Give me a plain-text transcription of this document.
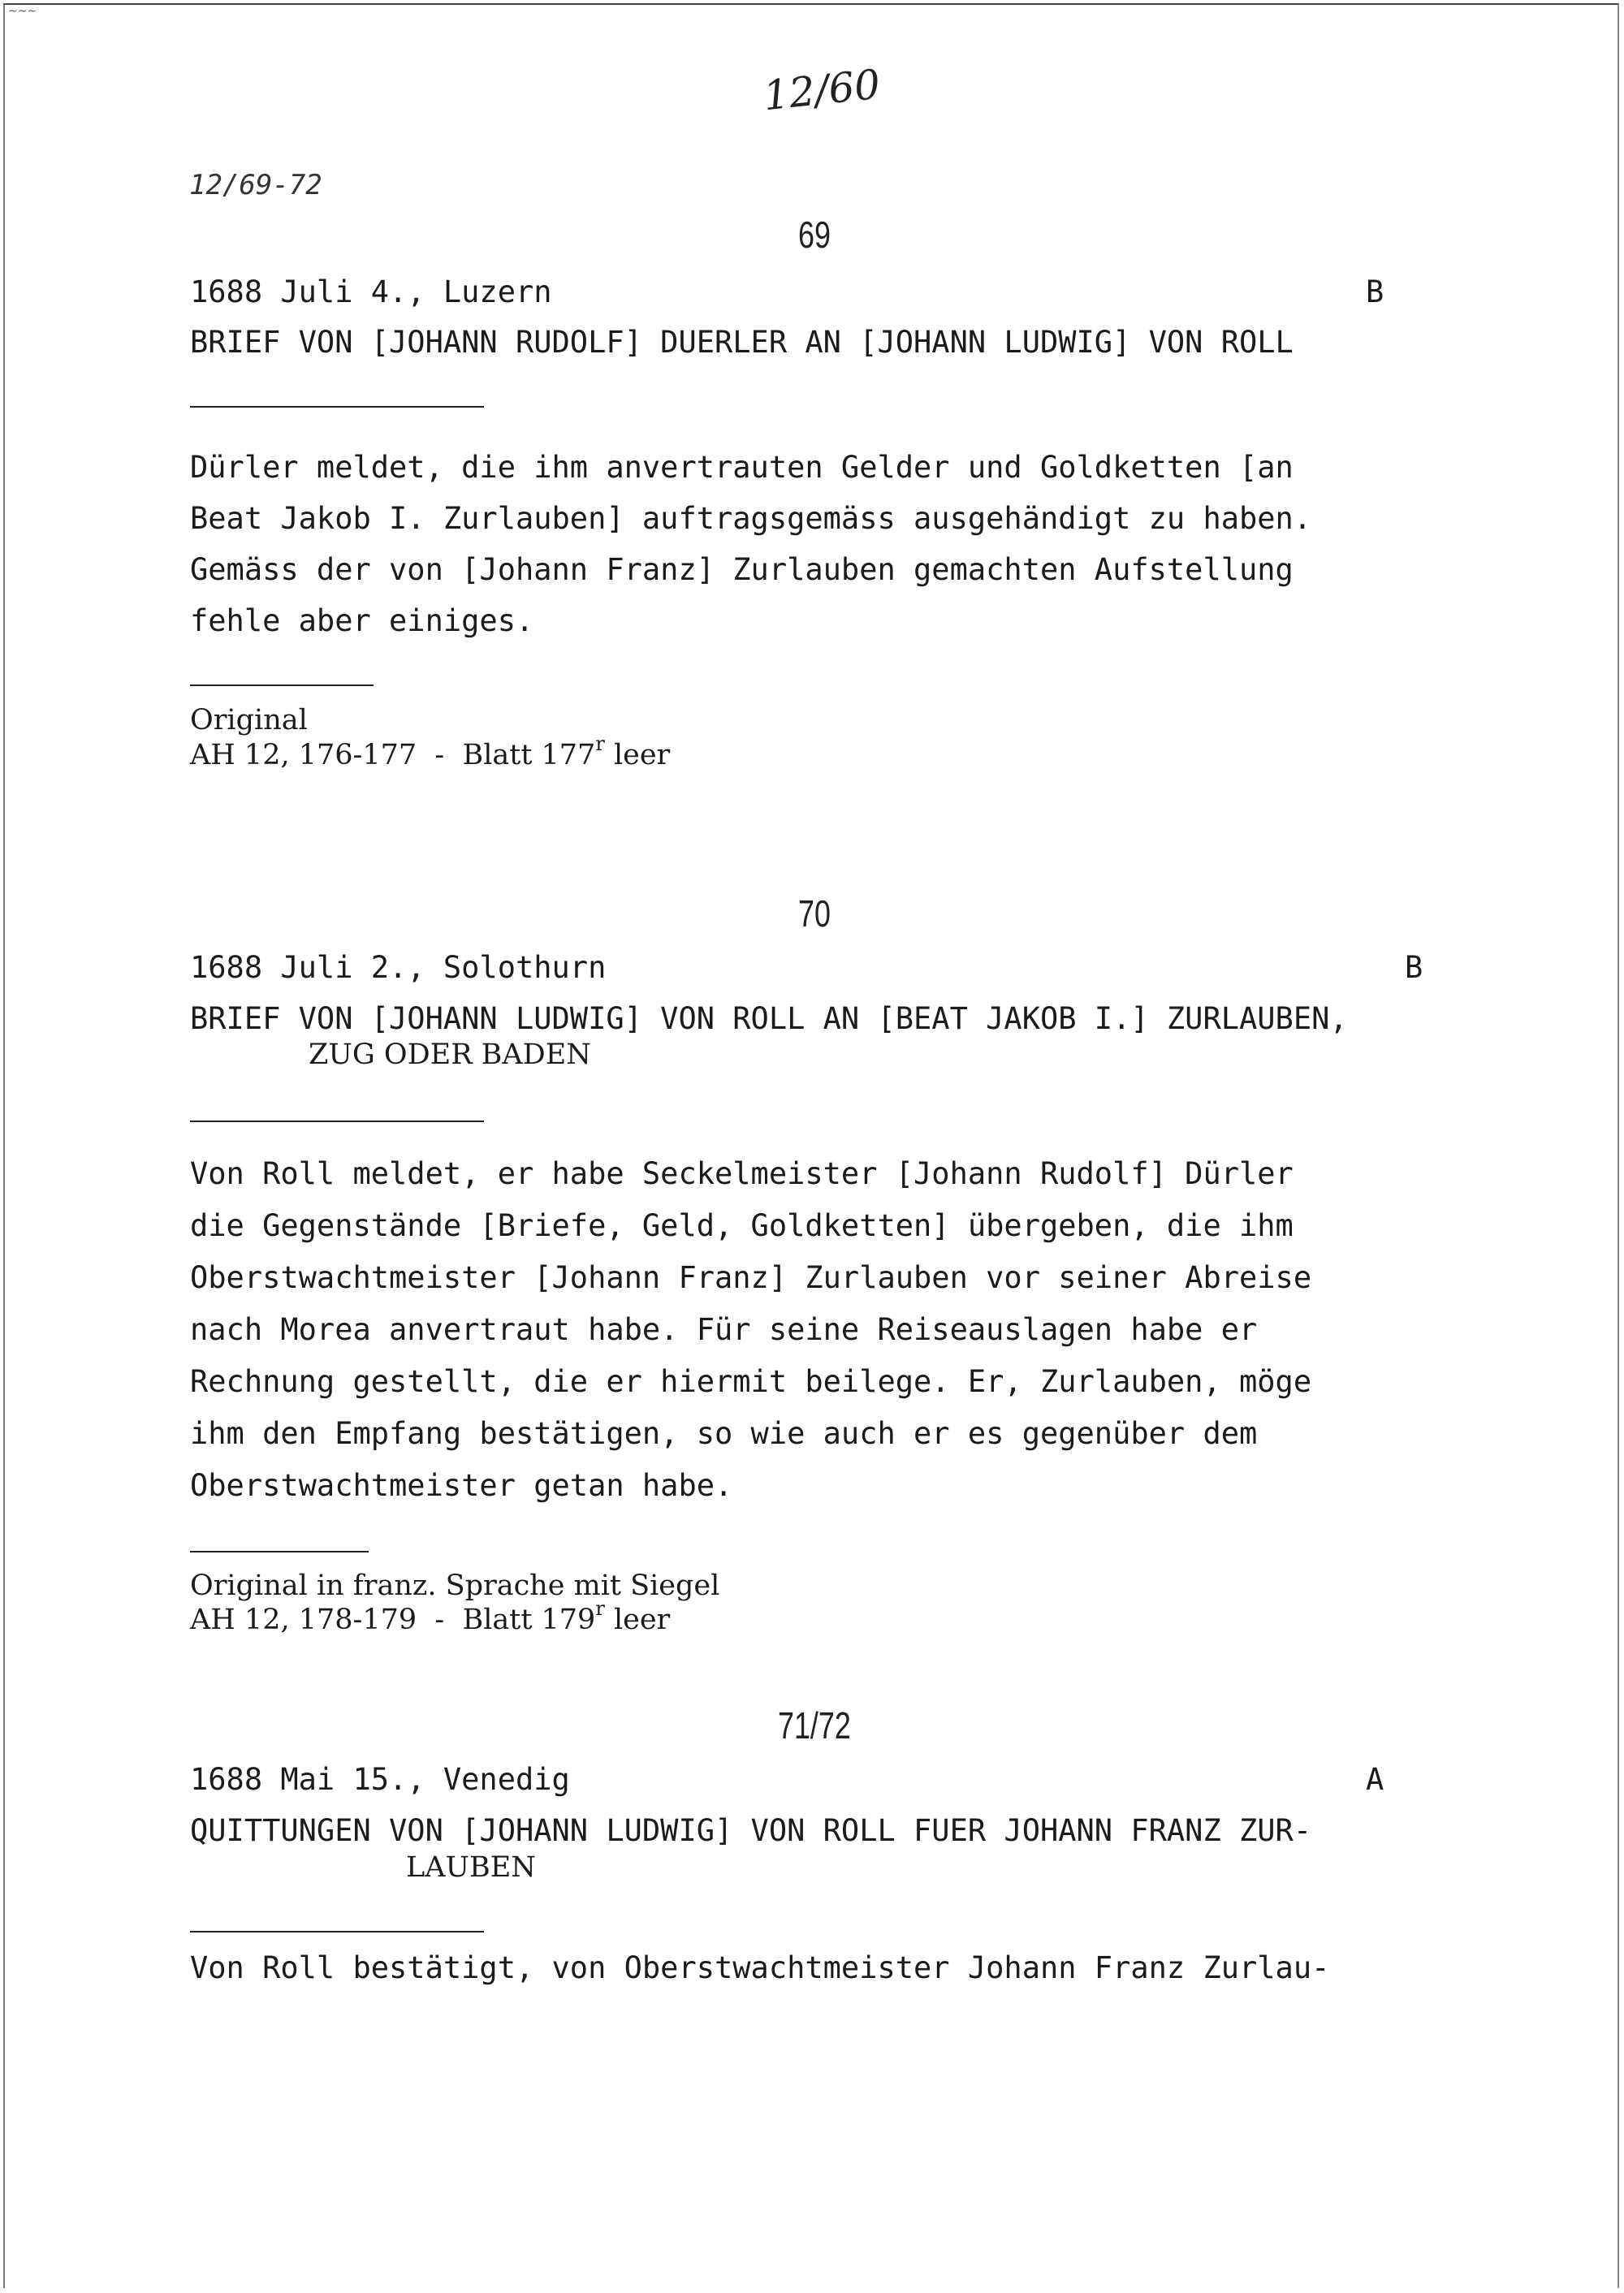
~~~
12/60
12/69-72
69
1688 Juli 4., Luzern	B
BRIEF VON [JOHANN RUDOLF] DUERLER AN [JOHANN LUDWIG] VON ROLL
Dürler meldet, die ihm anvertrauten Gelder und Goldketten [an
Beat Jakob I. Zurlauben] auftragsgemäss ausgehändigt zu haben.
Gemäss der von [Johann Franz] Zurlauben gemachten Aufstellung
fehle aber einiges.
Original
AH 12, 176-177  -  Blatt 177$^r$ leer
70
1688 Juli 2., Solothurn	B
BRIEF VON [JOHANN LUDWIG] VON ROLL AN [BEAT JAKOB I.] ZURLAUBEN,
ZUG ODER BADEN
Von Roll meldet, er habe Seckelmeister [Johann Rudolf] Dürler
die Gegenstände [Briefe, Geld, Goldketten] übergeben, die ihm
Oberstwachtmeister [Johann Franz] Zurlauben vor seiner Abreise
nach Morea anvertraut habe. Für seine Reiseauslagen habe er
Rechnung gestellt, die er hiermit beilege. Er, Zurlauben, möge
ihm den Empfang bestätigen, so wie auch er es gegenüber dem
Oberstwachtmeister getan habe.
Original in franz. Sprache mit Siegel
AH 12, 178-179  -  Blatt 179$^r$ leer
71/72
1688 Mai 15., Venedig	A
QUITTUNGEN VON [JOHANN LUDWIG] VON ROLL FUER JOHANN FRANZ ZUR-
LAUBEN
Von Roll bestätigt, von Oberstwachtmeister Johann Franz Zurlau-
